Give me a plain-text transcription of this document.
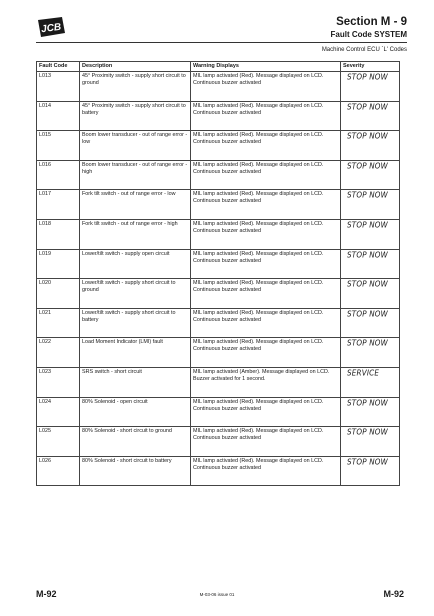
JCB	Section M - 9
Fault Code SYSTEM
Machine Control ECU `L' Codes
Fault Code	Description	Warning Displays	Severity
L013	45° Proximity switch - supply short circuit to ground	MIL lamp activated (Red). Message displayed on LCD. Continuous buzzer activated	STOP NOW

L014	45° Proximity switch - supply short circuit to battery	MIL lamp activated (Red). Message displayed on LCD. Continuous buzzer activated	STOP NOW

L015	Boom lower transducer - out of range error - low	MIL lamp activated (Red). Message displayed on LCD. Continuous buzzer activated	STOP NOW

L016	Boom lower transducer - out of range error - high	MIL lamp activated (Red). Message displayed on LCD. Continuous buzzer activated	STOP NOW

L017	Fork tilt switch - out of range error - low	MIL lamp activated (Red). Message displayed on LCD. Continuous buzzer activated	STOP NOW

L018	Fork tilt switch - out of range error - high	MIL lamp activated (Red). Message displayed on LCD. Continuous buzzer activated	STOP NOW

L019	Lower/tilt switch - supply open circuit	MIL lamp activated (Red). Message displayed on LCD. Continuous buzzer activated	STOP NOW

L020	Lower/tilt switch - supply short circuit to ground	MIL lamp activated (Red). Message displayed on LCD. Continuous buzzer activated	STOP NOW

L021	Lower/tilt switch - supply short circuit to battery	MIL lamp activated (Red). Message displayed on LCD. Continuous buzzer activated	STOP NOW

L022	Load Moment Indicator (LMI) fault	MIL lamp activated (Red). Message displayed on LCD. Continuous buzzer activated	STOP NOW

L023	SRS switch - short circuit	MIL lamp activated (Amber). Message displayed on LCD. Buzzer activated for 1 second.	SERVICE

L024	80% Solenoid - open circuit	MIL lamp activated (Red). Message displayed on LCD. Continuous buzzer activated	STOP NOW

L025	80% Solenoid - short circuit to ground	MIL lamp activated (Red). Message displayed on LCD. Continuous buzzer activated	STOP NOW

L026	80% Solenoid - short circuit to battery	MIL lamp activated (Red). Message displayed on LCD. Continuous buzzer activated	STOP NOW
M-92	M-03-06 issue 01	M-92
